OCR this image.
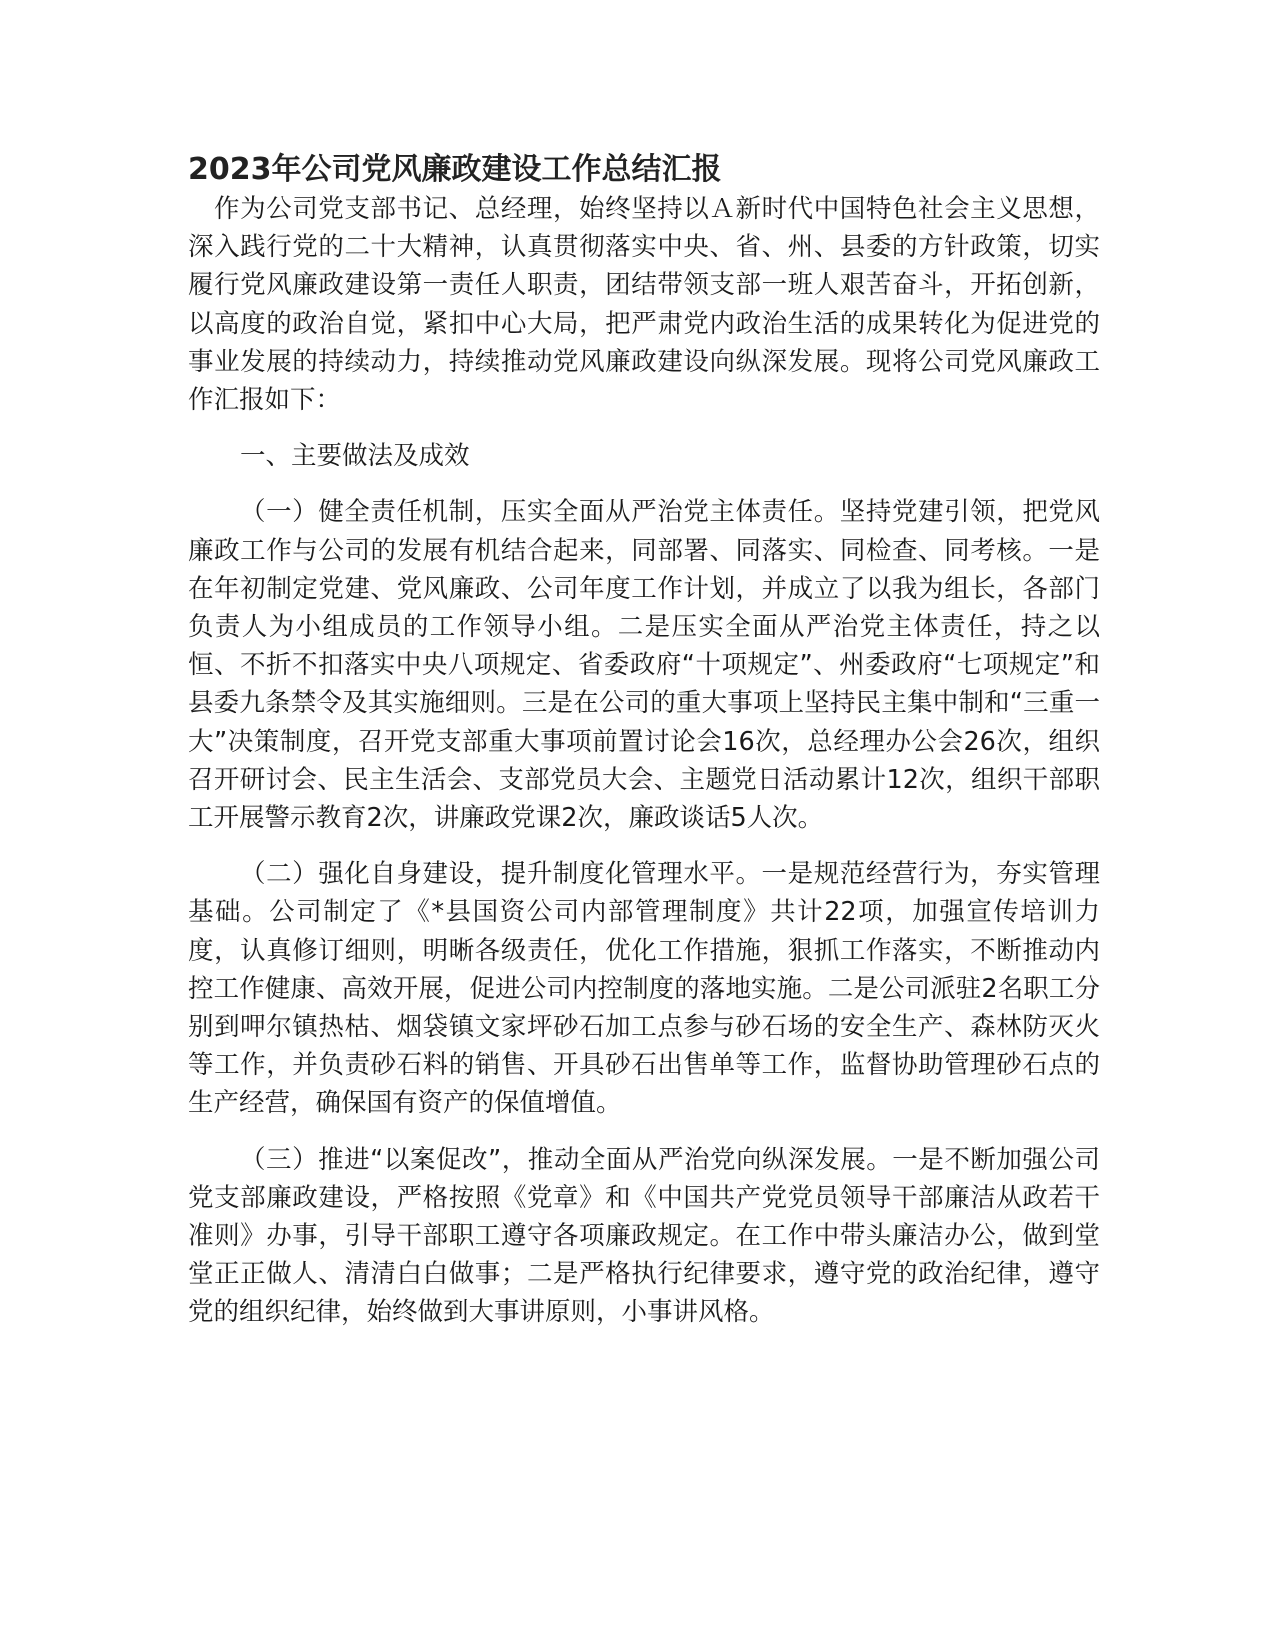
2023年公司党风廉政建设工作总结汇报

作为公司党支部书记、总经理，始终坚持以Ａ新时代中国特色社会主义思想，深入践行党的二十大精神，认真贯彻落实中央、省、州、县委的方针政策，切实履行党风廉政建设第一责任人职责，团结带领支部一班人艰苦奋斗，开拓创新，以高度的政治自觉，紧扣中心大局，把严肃党内政治生活的成果转化为促进党的事业发展的持续动力，持续推动党风廉政建设向纵深发展。现将公司党风廉政工作汇报如下：

一、主要做法及成效

（一）健全责任机制，压实全面从严治党主体责任。坚持党建引领，把党风廉政工作与公司的发展有机结合起来，同部署、同落实、同检查、同考核。一是在年初制定党建、党风廉政、公司年度工作计划，并成立了以我为组长，各部门负责人为小组成员的工作领导小组。二是压实全面从严治党主体责任，持之以恒、不折不扣落实中央八项规定、省委政府“十项规定”、州委政府“七项规定”和县委九条禁令及其实施细则。三是在公司的重大事项上坚持民主集中制和“三重一大”决策制度，召开党支部重大事项前置讨论会16次，总经理办公会26次，组织召开研讨会、民主生活会、支部党员大会、主题党日活动累计12次，组织干部职工开展警示教育2次，讲廉政党课2次，廉政谈话5人次。

（二）强化自身建设，提升制度化管理水平。一是规范经营行为，夯实管理基础。公司制定了《*县国资公司内部管理制度》共计22项，加强宣传培训力度，认真修订细则，明晰各级责任，优化工作措施，狠抓工作落实，不断推动内控工作健康、高效开展，促进公司内控制度的落地实施。二是公司派驻2名职工分别到呷尔镇热枯、烟袋镇文家坪砂石加工点参与砂石场的安全生产、森林防灭火等工作，并负责砂石料的销售、开具砂石出售单等工作，监督协助管理砂石点的生产经营，确保国有资产的保值增值。

（三）推进“以案促改”，推动全面从严治党向纵深发展。一是不断加强公司党支部廉政建设，严格按照《党章》和《中国共产党党员领导干部廉洁从政若干准则》办事，引导干部职工遵守各项廉政规定。在工作中带头廉洁办公，做到堂堂正正做人、清清白白做事；二是严格执行纪律要求，遵守党的政治纪律，遵守党的组织纪律，始终做到大事讲原则，小事讲风格。
